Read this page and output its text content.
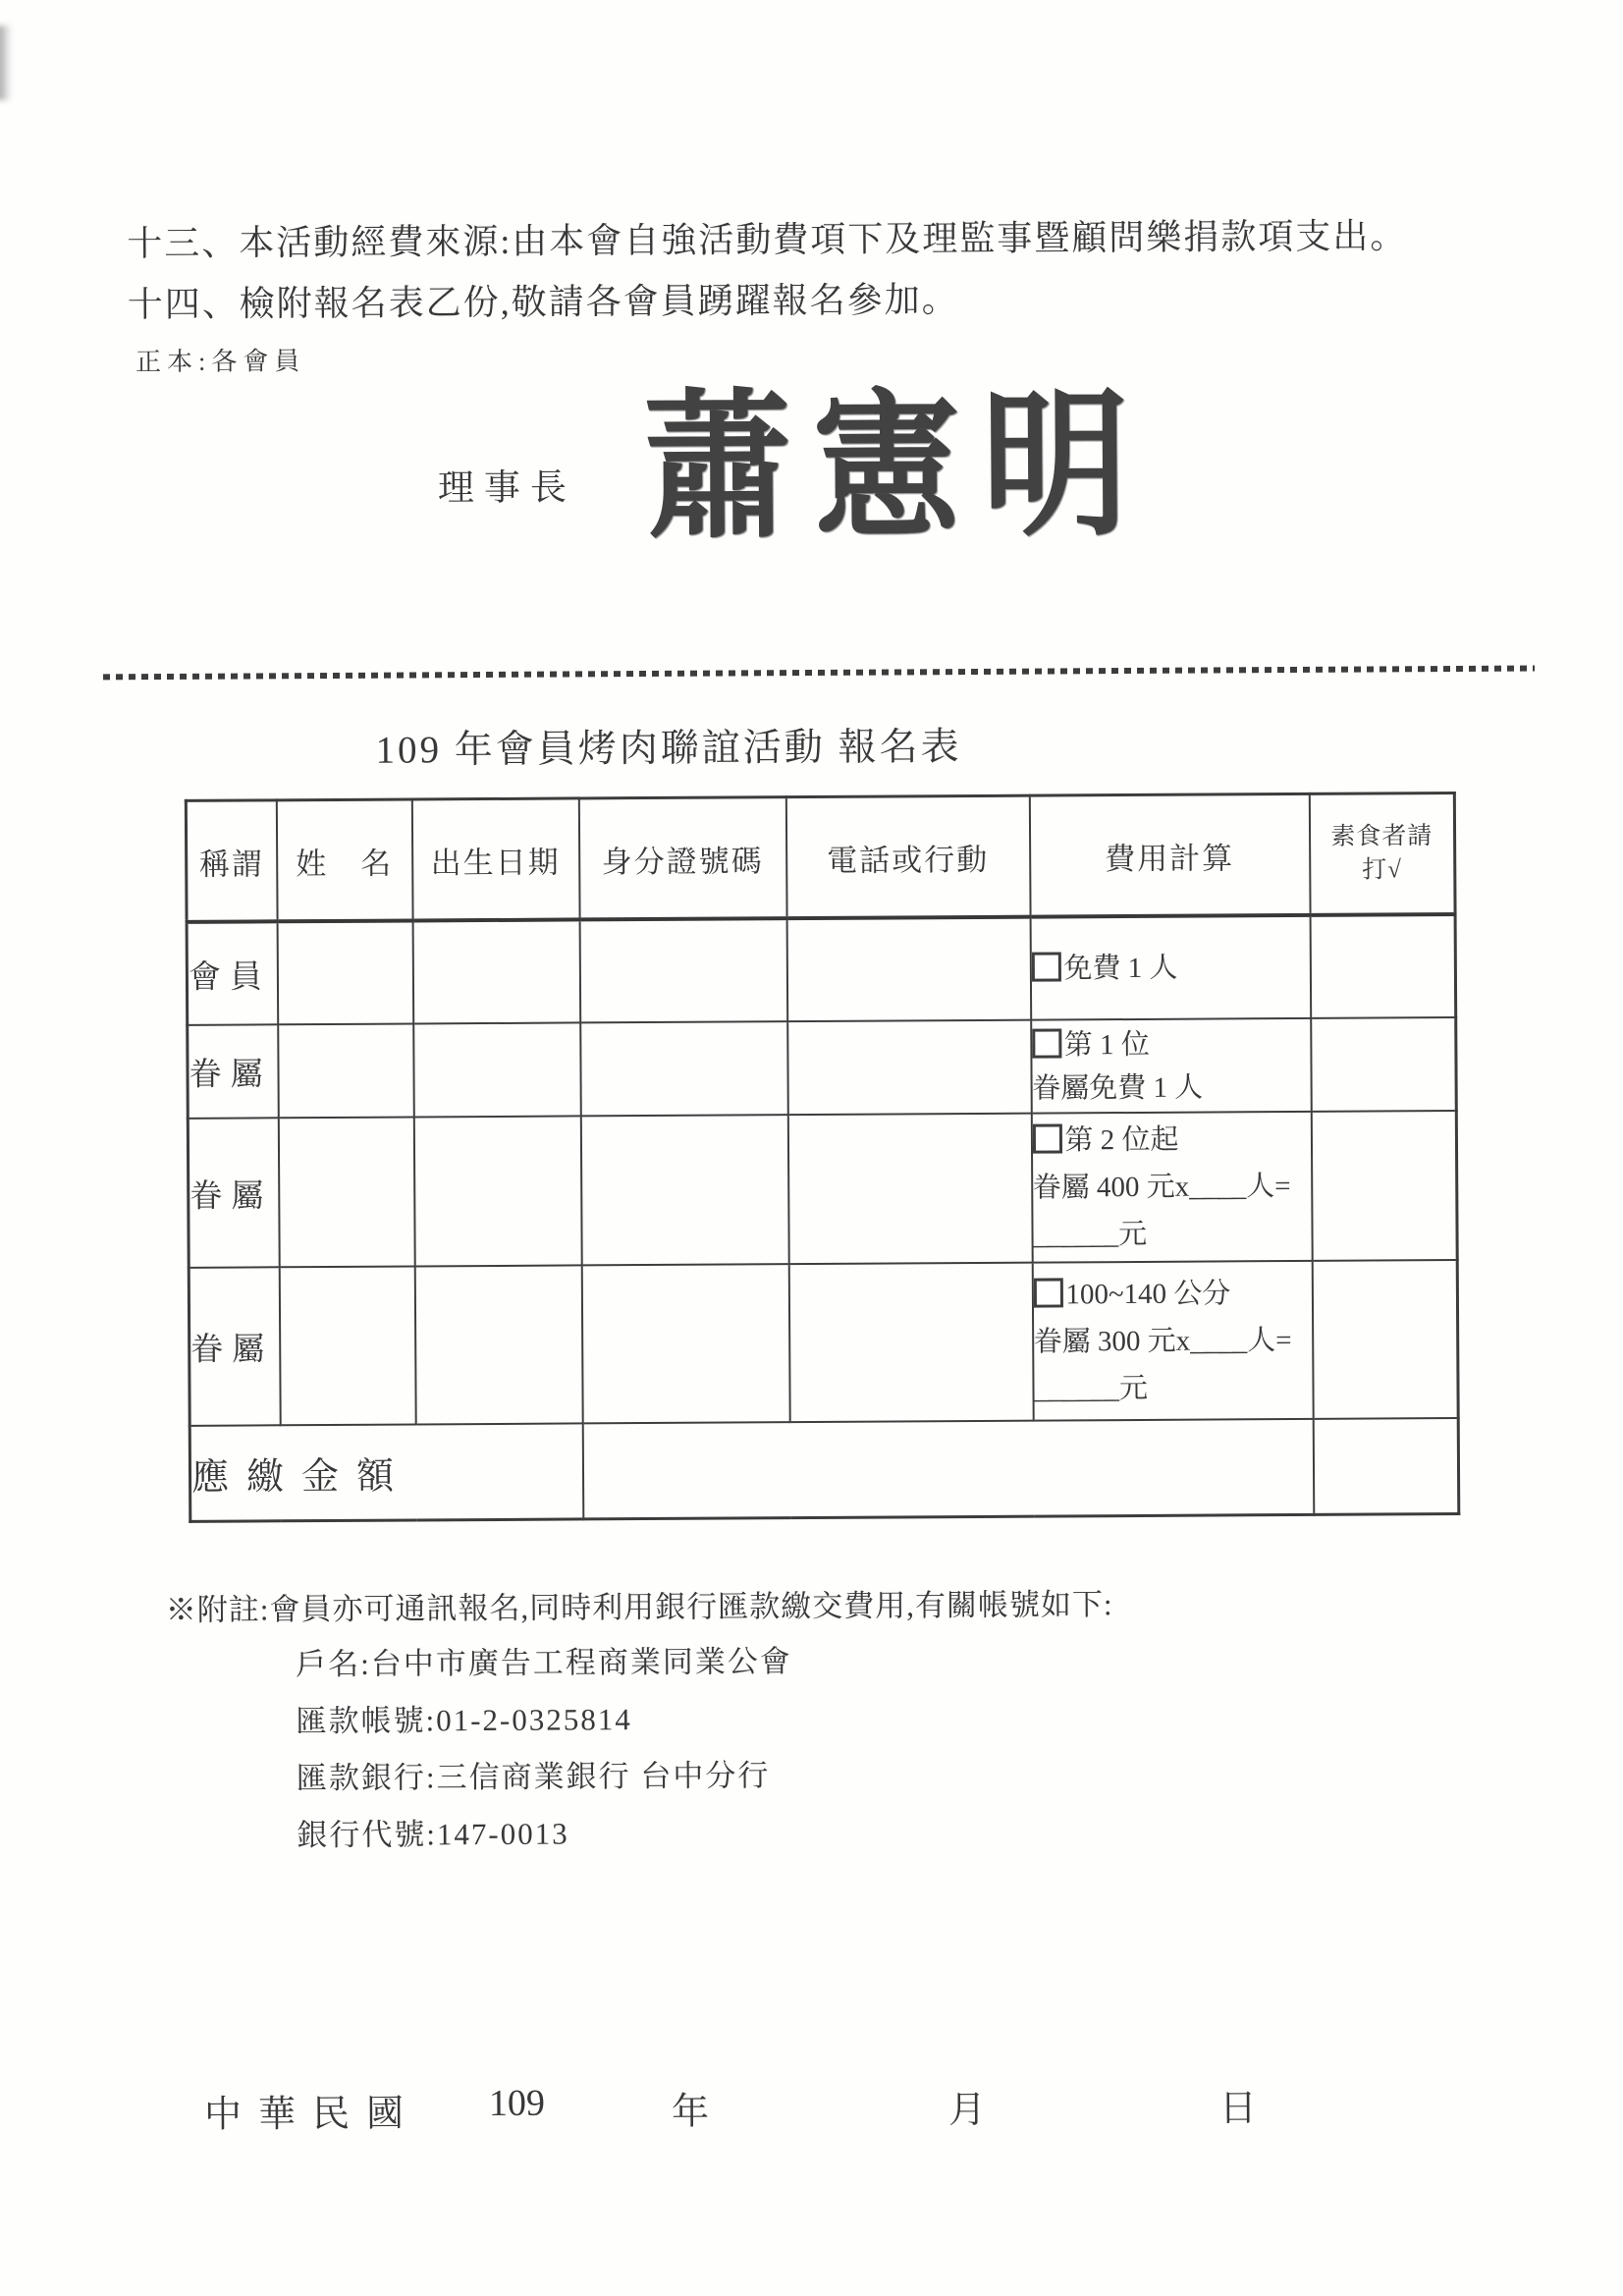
十三、本活動經費來源:由本會自強活動費項下及理監事暨顧問樂捐款項支出。
十四、檢附報名表乙份,敬請各會員踴躍報名參加。
正本:各會員
理事長 蕭憲明
109 年會員烤肉聯誼活動 報名表
稱謂	姓　名	出生日期	身分證號碼	電話或行動	費用計算	素食者請
打√

會員					免費 1 人	

眷屬					第 1 位
眷屬免費 1 人	

眷屬					第 2 位起
眷屬 400 元x____人=
______元	

眷屬					100~140 公分
眷屬 300 元x____人=
______元	

應繳金額						
※附註:會員亦可通訊報名,同時利用銀行匯款繳交費用,有關帳號如下:
戶名:台中市廣告工程商業同業公會
匯款帳號:01-2-0325814
匯款銀行:三信商業銀行 台中分行
銀行代號:147-0013
中華民國 109	年	月	日
